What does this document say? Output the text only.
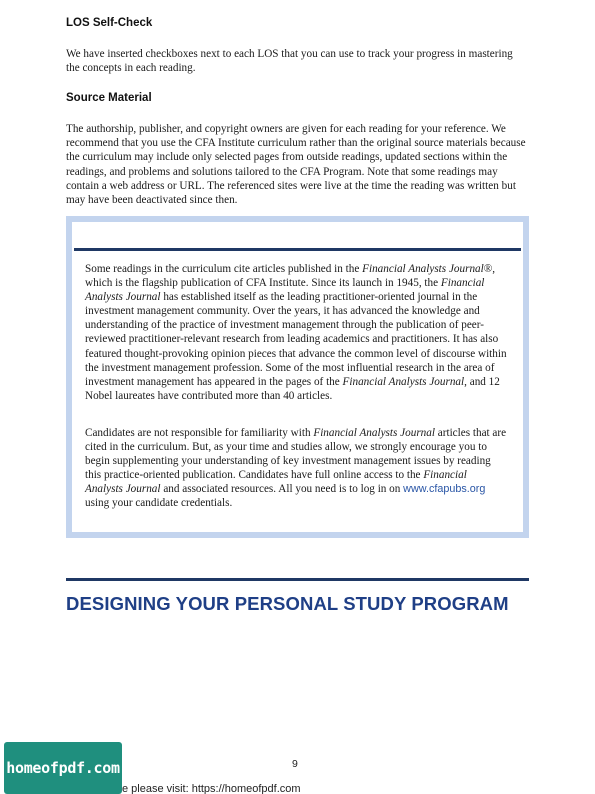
LOS Self-Check

We have inserted checkboxes next to each LOS that you can use to track your progress in mastering the concepts in each reading.

Source Material

The authorship, publisher, and copyright owners are given for each reading for your reference. We recommend that you use the CFA Institute curriculum rather than the original source materials because the curriculum may include only selected pages from outside readings, updated sections within the readings, and problems and solutions tailored to the CFA Program. Note that some readings may contain a web address or URL. The referenced sites were live at the time the reading was written but may have been deactivated since then.

Some readings in the curriculum cite articles published in the Financial Analysts Journal®, which is the flagship publication of CFA Institute. Since its launch in 1945, the Financial Analysts Journal has established itself as the leading practitioner-oriented journal in the investment management community. Over the years, it has advanced the knowledge and understanding of the practice of investment management through the publication of peer-reviewed practitioner-relevant research from leading academics and practitioners. It has also featured thought-provoking opinion pieces that advance the common level of discourse within the investment management profession. Some of the most influential research in the area of investment management has appeared in the pages of the Financial Analysts Journal, and 12 Nobel laureates have contributed more than 40 articles.

Candidates are not responsible for familiarity with Financial Analysts Journal articles that are cited in the curriculum. But, as your time and studies allow, we strongly encourage you to begin supplementing your understanding of key investment management issues by reading this practice-oriented publication. Candidates have full online access to the Financial Analysts Journal and associated resources. All you need is to log in on www.cfapubs.org using your candidate credentials.

DESIGNING YOUR PERSONAL STUDY PROGRAM
9
homeofpdf.com
e please visit: https://homeofpdf.com
